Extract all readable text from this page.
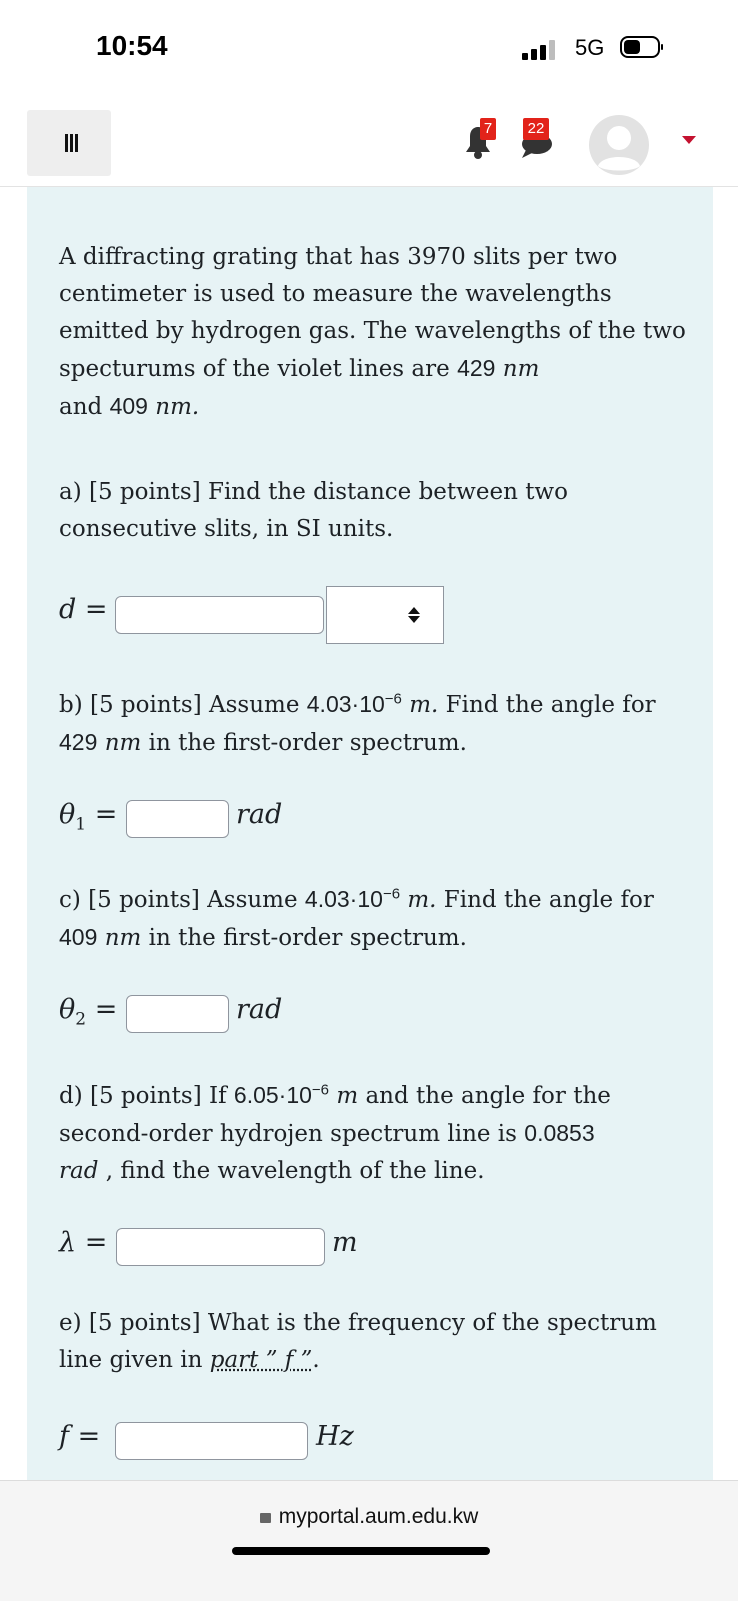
10:54	5G
7	22

A diffracting grating that has 3970 slits per two centimeter is used to measure the wavelengths emitted by hydrogen gas. The wavelengths of the two specturums of the violet lines are 429 nm
and 409 nm.

a) [5 points] Find the distance between two consecutive slits, in SI units.

d =

b) [5 points] Assume $4.03\cdot 10^{-6}$ m. Find the angle for 429 nm in the first-order spectrum.

$\theta_1$ =	rad

c) [5 points] Assume $4.03\cdot 10^{-6}$ m. Find the angle for 409 nm in the first-order spectrum.

$\theta_2$ =	rad

d) [5 points] If $6.05\cdot 10^{-6}$ m and the angle for the second-order hydrojen spectrum line is 0.0853
rad , find the wavelength of the line.

λ =	m

e) [5 points] What is the frequency of the spectrum line given in part ” f ”.

f =	Hz
myportal.aum.edu.kw
